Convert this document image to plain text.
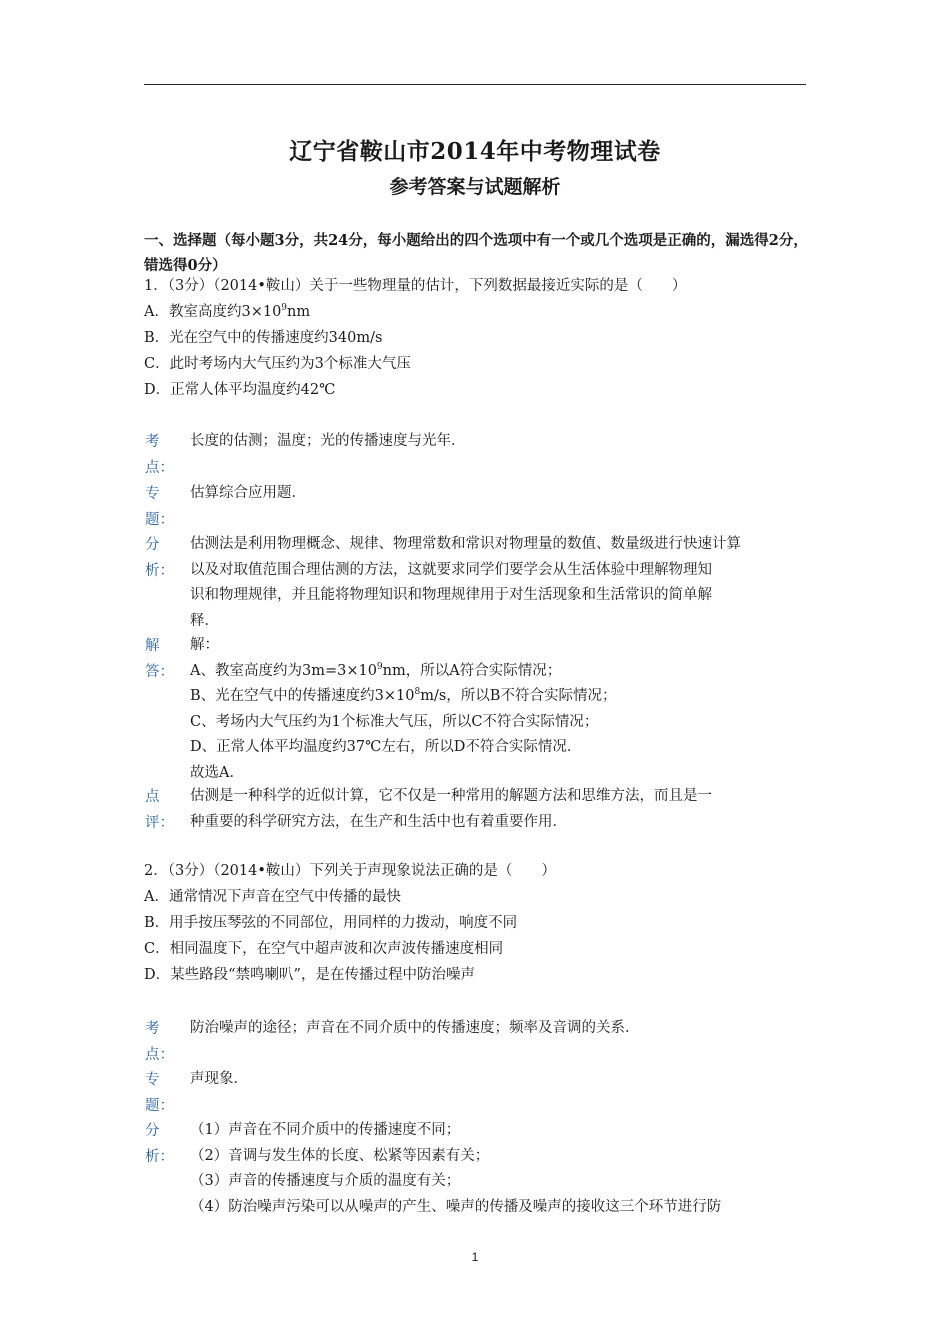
辽宁省鞍山市2014年中考物理试卷
参考答案与试题解析
一、选择题（每小题3分，共24分，每小题给出的四个选项中有一个或几个选项是正确的，漏选得2分，错选得0分）
1．（3分）（2014•鞍山）关于一些物理量的估计，下列数据最接近实际的是（　　）
A．教室高度约$3\times 10^9nm$
B．光在空气中的传播速度约340m/s
C．此时考场内大气压约为3个标准大气压
D．正常人体平均温度约42℃
考
点：
长度的估测；温度；光的传播速度与光年．
专
题：
估算综合应用题．
分
析：
估测法是利用物理概念、规律、物理常数和常识对物理量的数值、数量级进行快速计算
以及对取值范围合理估测的方法，这就要求同学们要学会从生活体验中理解物理知
识和物理规律，并且能将物理知识和物理规律用于对生活现象和生活常识的简单解
释．
解
答：
解：
A、教室高度约为$3m=3\times 10^9nm$，所以A符合实际情况；
B、光在空气中的传播速度约$3\times 10^8m/s$，所以B不符合实际情况；
C、考场内大气压约为1个标准大气压，所以C不符合实际情况；
D、正常人体平均温度约37℃左右，所以D不符合实际情况．
故选A．
点
评：
估测是一种科学的近似计算，它不仅是一种常用的解题方法和思维方法，而且是一
种重要的科学研究方法，在生产和生活中也有着重要作用．
2．（3分）（2014•鞍山）下列关于声现象说法正确的是（　　）
A．通常情况下声音在空气中传播的最快
B．用手按压琴弦的不同部位，用同样的力拨动，响度不同
C．相同温度下，在空气中超声波和次声波传播速度相同
D．某些路段“禁鸣喇叭”，是在传播过程中防治噪声
考
点：
防治噪声的途径；声音在不同介质中的传播速度；频率及音调的关系．
专
题：
声现象．
分
析：
（1）声音在不同介质中的传播速度不同；
（2）音调与发生体的长度、松紧等因素有关；
（3）声音的传播速度与介质的温度有关；
（4）防治噪声污染可以从噪声的产生、噪声的传播及噪声的接收这三个环节进行防
1
